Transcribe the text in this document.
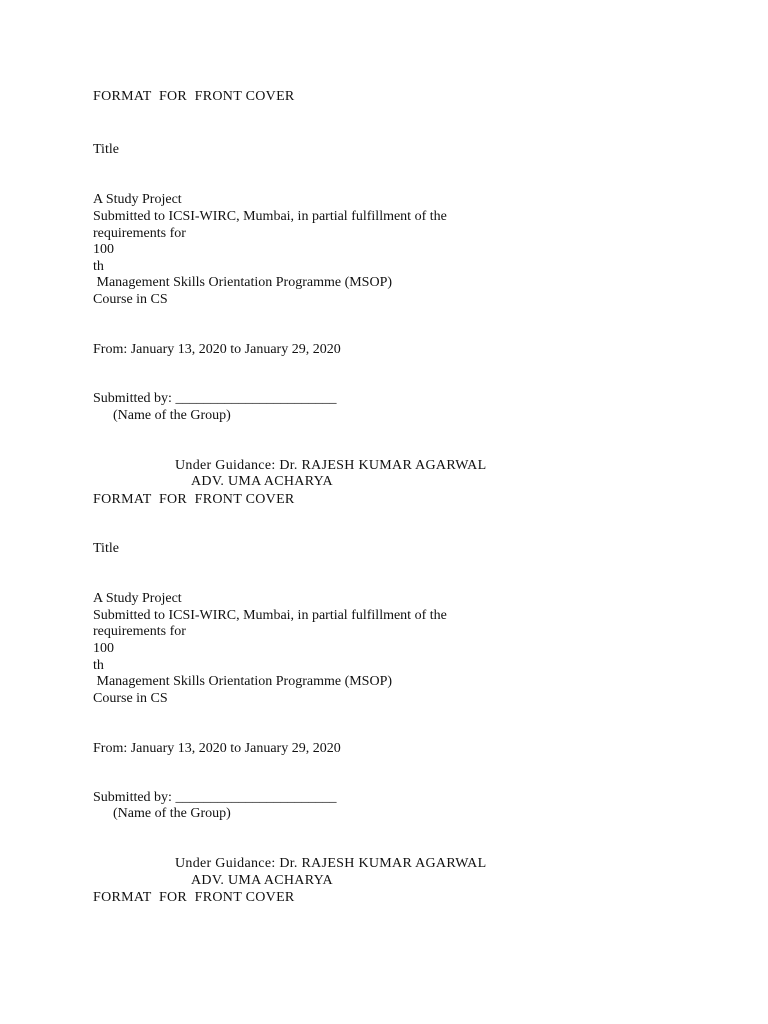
FORMAT  FOR  FRONT COVER
Title
A Study Project
Submitted to ICSI-WIRC, Mumbai, in partial fulfillment of the
requirements for
100
th
Management Skills Orientation Programme (MSOP)
Course in CS
From: January 13, 2020 to January 29, 2020
Submitted by: _______________________
(Name of the Group)
Under Guidance: Dr. RAJESH KUMAR AGARWAL
ADV. UMA ACHARYA
FORMAT  FOR  FRONT COVER
Title
A Study Project
Submitted to ICSI-WIRC, Mumbai, in partial fulfillment of the
requirements for
100
th
Management Skills Orientation Programme (MSOP)
Course in CS
From: January 13, 2020 to January 29, 2020
Submitted by: _______________________
(Name of the Group)
Under Guidance: Dr. RAJESH KUMAR AGARWAL
ADV. UMA ACHARYA
FORMAT  FOR  FRONT COVER
